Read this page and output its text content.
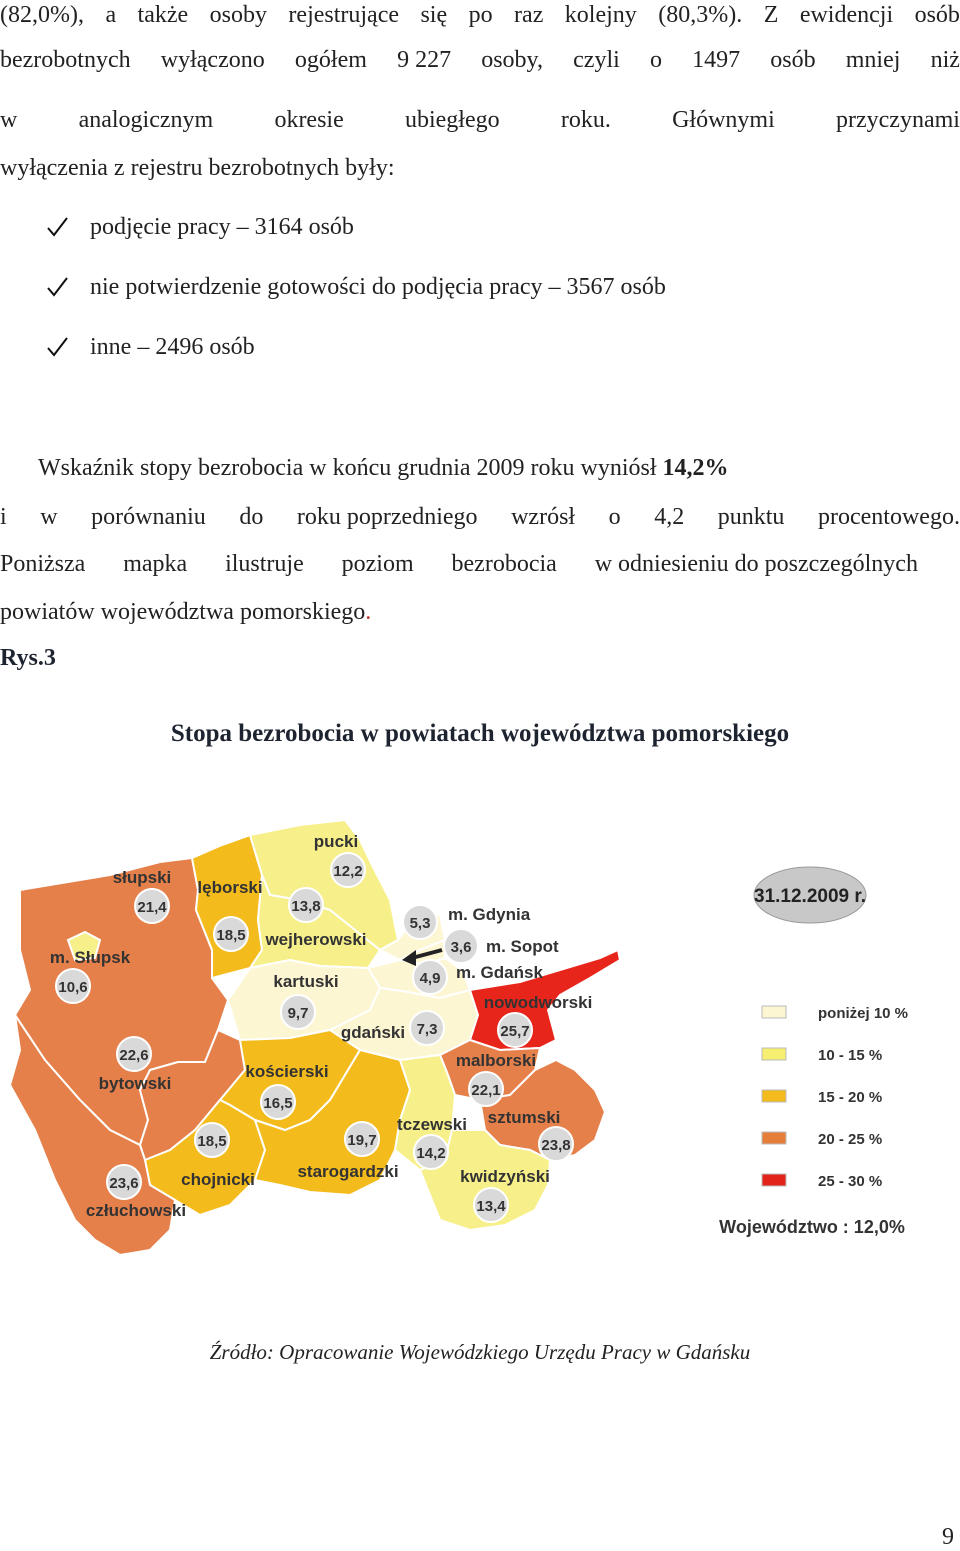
(82,0%), a także osoby rejestrujące się po raz kolejny (80,3%). Z ewidencji osób
bezrobotnych wyłączono ogółem 9 227 osoby, czyli o 1497 osób mniej niż
w	analogicznym	okresie	ubiegłego	roku.	Głównymi	przyczynami
wyłączenia z rejestru bezrobotnych były:
podjęcie pracy – 3164 osób
nie potwierdzenie gotowości do podjęcia pracy – 3567 osób
inne – 2496 osób
Wskaźnik stopy bezrobocia w końcu grudnia 2009 roku wyniósł 14,2%
i w porównaniu do roku poprzedniego wzrósł o 4,2 punktu procentowego.
Poniższa mapka ilustruje poziom bezrobocia w odniesieniu do poszczególnych
powiatów województwa pomorskiego.
Rys.3
Stopa bezrobocia w powiatach województwa pomorskiego
21,4
słupski
10,6
m. Słupsk
18,5
lęborski
12,2
pucki
13,8
wejherowski
5,3 m. Gdynia
3,6 m. Sopot
4,9 m. Gdańsk
9,7
kartuski
7,3
gdański	25,7
nowodworski
22,6
bytowski
16,5
kościerski
22,1
malborski
18,5
chojnicki
19,7
starogardzki
14,2
tczewski
23,8
sztumski
23,6
człuchowski	13,4
kwidzyński
31.12.2009 r.
poniżej 10 %
10 - 15 %
15 - 20 %
20 - 25 %
25 - 30 %
Województwo : 12,0%
Źródło: Opracowanie Wojewódzkiego Urzędu Pracy w Gdańsku
9
